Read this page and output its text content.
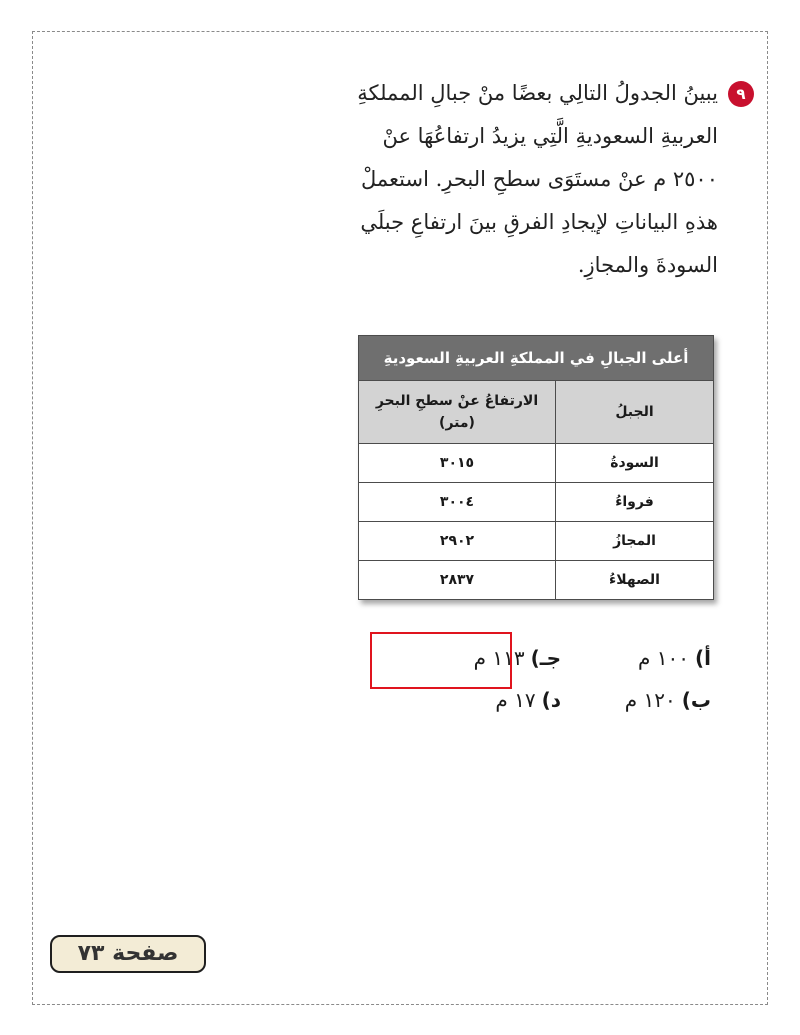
٩
يبينُ الجدولُ التالِي بعضًا منْ جبالِ المملكةِ
العربيةِ السعوديةِ الَّتِي يزيدُ ارتفاعُهَا عنْ
٢٥٠٠ م عنْ مستَوَى سطحِ البحرِ. استعملْ
هذهِ البياناتِ لإيجادِ الفرقِ بينَ ارتفاعِ جبلَي
السودةَ والمجازِ.
أعلى الجبالِ في المملكةِ العربيةِ السعوديةِ
الجبلُ	الارتفاعُ عنْ سطحِ البحرِ (متر)
السودةُ	٣٠١٥
فرواءُ	٣٠٠٤
المجازُ	٢٩٠٢
الصهلاءُ	٢٨٣٧
أ)١٠٠ م
ب)١٢٠ م
جـ)١١٣ م
د)١٧ م
صفحة ٧٣
